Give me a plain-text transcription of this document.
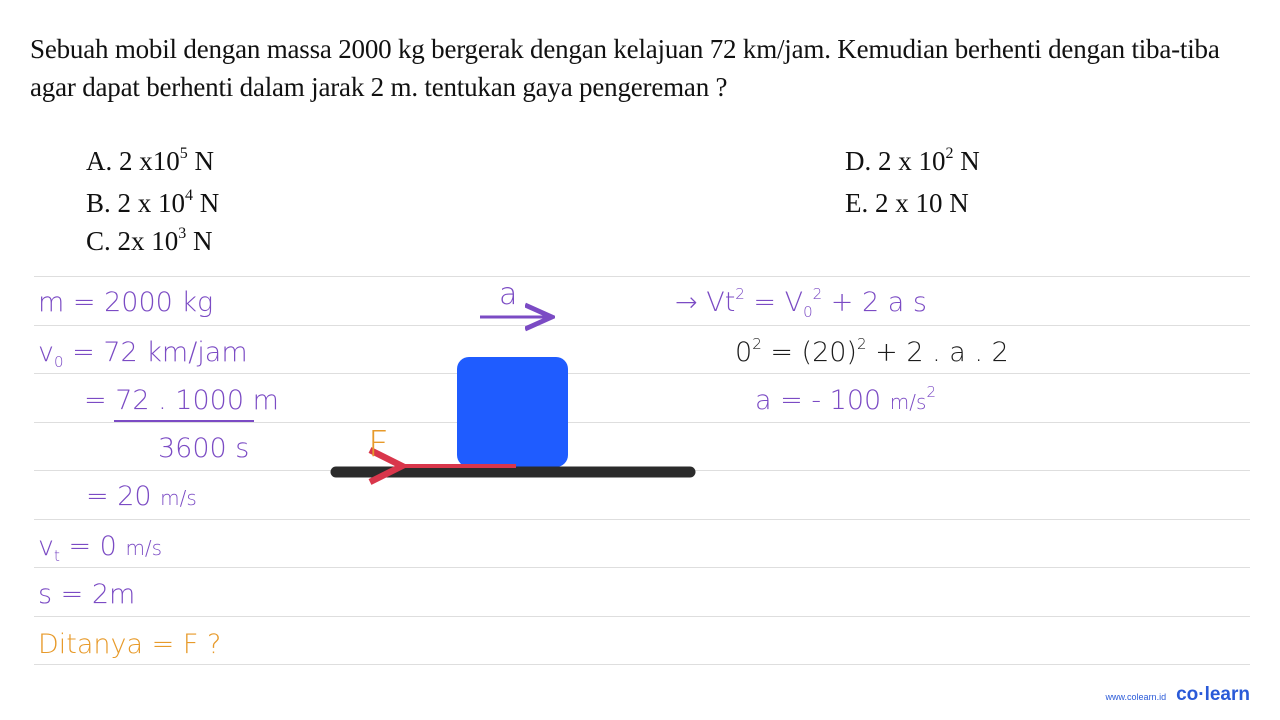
Sebuah mobil dengan massa 2000 kg bergerak dengan kelajuan 72 km/jam. Kemudian berhenti dengan tiba-tiba agar dapat berhenti dalam jarak 2 m. tentukan gaya pengereman ?
A. 2 $x10^5$ N
B. 2 x $10^4$ N
C. 2x $10^3$ N
D. 2 x $10^2$ N
E. 2 x 10 N
m = 2000 kg
$v_0 = 72$ km/jam
= 72 . 1000 m
3600 s
= 20 m/s
$v_t = 0$ m/s
s = 2m
Ditanya = F ?
a
F
→ $Vt^2 = V_0^2 + 2$ a s
$0^2 = (20)^2 + 2$ . a . 2
a = - 100 $m/s^2$
www.colearn.id co·learn
